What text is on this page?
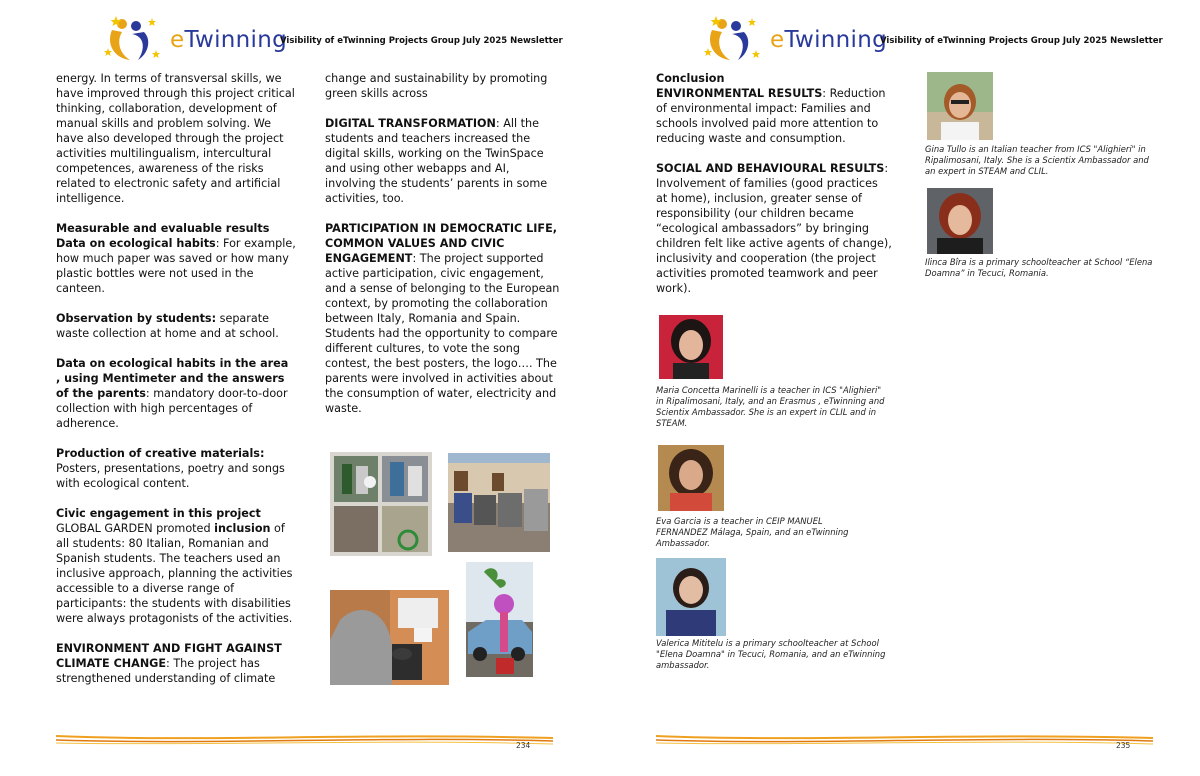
eTwinning
Visibility of eTwinning Projects Group July 2025 Newsletter

energy. In terms of transversal skills, we have improved through this project critical thinking, collaboration, development of manual skills and problem solving. We have also developed through the project activities multilingualism, intercultural competences, awareness of the risks related to electronic safety and artificial intelligence.

Measurable and evaluable results
Data on ecological habits: For example, how much paper was saved or how many plastic bottles were not used in the canteen.

Observation by students: separate waste collection at home and at school.

Data on ecological habits in the area , using Mentimeter and the answers of the parents: mandatory door-to-door collection with high percentages of adherence.

Production of creative materials:
Posters, presentations, poetry and songs with ecological content.

Civic engagement in this project
GLOBAL GARDEN promoted inclusion of all students: 80 Italian, Romanian and Spanish students. The teachers used an inclusive approach, planning the activities accessible to a diverse range of participants: the students with disabilities were always protagonists of the activities.

ENVIRONMENT AND FIGHT AGAINST CLIMATE CHANGE: The project has strengthened understanding of climate

change and sustainability by promoting green skills across

DIGITAL TRANSFORMATION: All the students and teachers increased the digital skills, working on the TwinSpace and using other webapps and AI, involving the students’ parents in some activities, too.

PARTICIPATION IN DEMOCRATIC LIFE, COMMON VALUES AND CIVIC ENGAGEMENT: The project supported active participation, civic engagement, and a sense of belonging to the European context, by promoting the collaboration between Italy, Romania and Spain. Students had the opportunity to compare different cultures, to vote the song contest, the best posters, the logo…. The parents were involved in activities about the consumption of water, electricity and waste.

234
eTwinning
Visibility of eTwinning Projects Group July 2025 Newsletter

Conclusion
ENVIRONMENTAL RESULTS: Reduction of environmental impact: Families and schools involved paid more attention to reducing waste and consumption.

SOCIAL AND BEHAVIOURAL RESULTS: Involvement of families (good practices at home), inclusion, greater sense of responsibility (our children became “ecological ambassadors” by bringing children felt like active agents of change), inclusivity and cooperation (the project activities promoted teamwork and peer work).

Maria Concetta Marinelli is a teacher in ICS "Alighieri" in Ripalimosani, Italy, and an Erasmus , eTwinning and Scientix Ambassador. She is an expert in CLIL and in STEAM.
Eva Garcia is a teacher in CEIP MANUEL FERNANDEZ Málaga, Spain, and an eTwinning Ambassador.
Valerica Mititelu is a primary schoolteacher at School "Elena Doamna" in Tecuci, Romania, and an eTwinning ambassador.
Gina Tullo is an Italian teacher from ICS "Alighieri" in Ripalimosani, Italy. She is a Scientix Ambassador and an expert in STEAM and CLIL.
Ilinca Bîra is a primary schoolteacher at School “Elena Doamna” in Tecuci, Romania.
235
